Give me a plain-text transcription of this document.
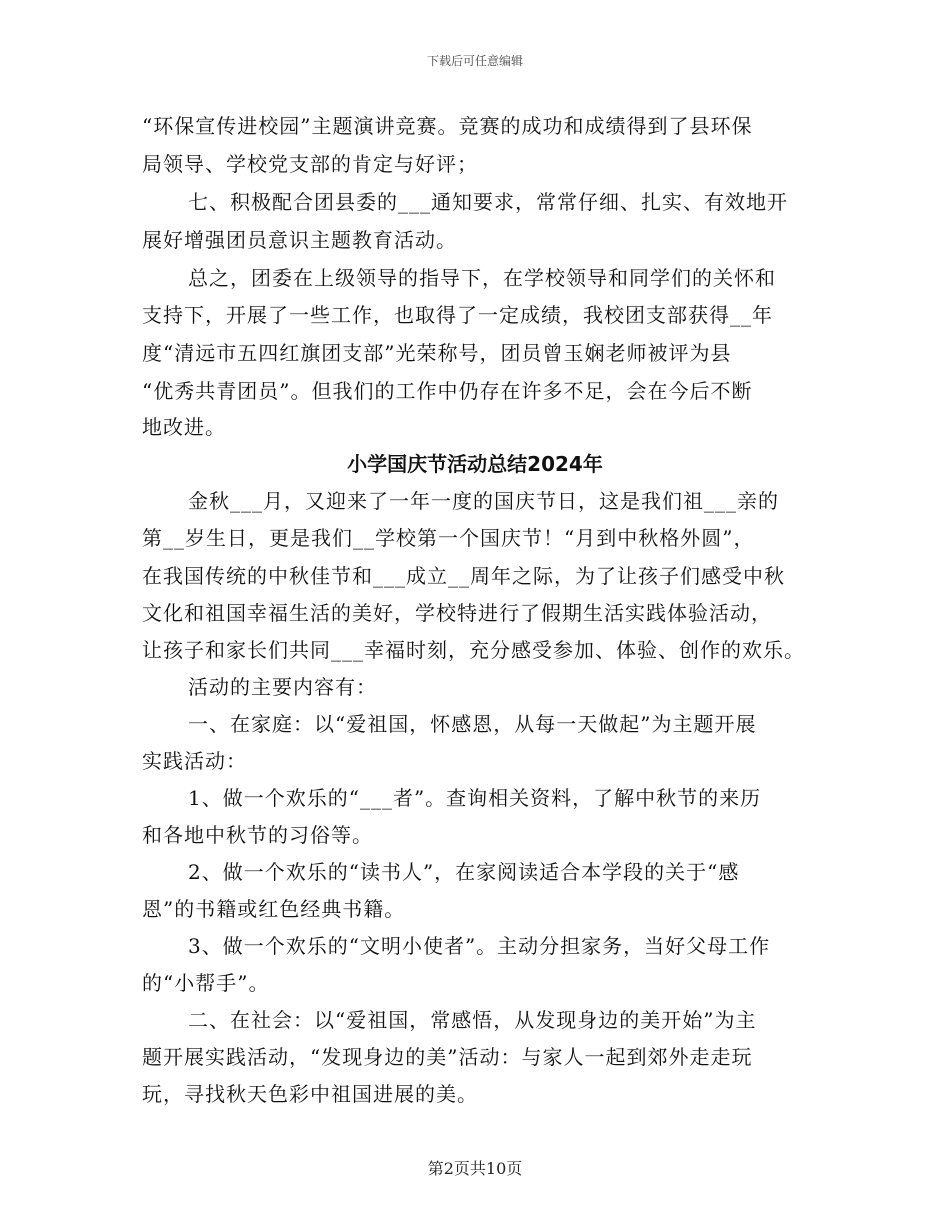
下载后可任意编辑
“环保宣传进校园”主题演讲竞赛。竞赛的成功和成绩得到了县环保
局领导、学校党支部的肯定与好评；
七、积极配合团县委的___通知要求，常常仔细、扎实、有效地开
展好增强团员意识主题教育活动。
总之，团委在上级领导的指导下，在学校领导和同学们的关怀和
支持下，开展了一些工作，也取得了一定成绩，我校团支部获得__年
度“清远市五四红旗团支部”光荣称号，团员曾玉娴老师被评为县
“优秀共青团员”。但我们的工作中仍存在许多不足，会在今后不断
地改进。
小学国庆节活动总结2024年
金秋___月，又迎来了一年一度的国庆节日，这是我们祖___亲的
第__岁生日，更是我们__学校第一个国庆节！“月到中秋格外圆”，
在我国传统的中秋佳节和___成立__周年之际，为了让孩子们感受中秋
文化和祖国幸福生活的美好，学校特进行了假期生活实践体验活动，
让孩子和家长们共同___幸福时刻，充分感受参加、体验、创作的欢乐。
活动的主要内容有：
一、在家庭：以“爱祖国，怀感恩，从每一天做起”为主题开展
实践活动：
1、做一个欢乐的“___者”。查询相关资料，了解中秋节的来历
和各地中秋节的习俗等。
2、做一个欢乐的“读书人”，在家阅读适合本学段的关于“感
恩”的书籍或红色经典书籍。
3、做一个欢乐的“文明小使者”。主动分担家务，当好父母工作
的“小帮手”。
二、在社会：以“爱祖国，常感悟，从发现身边的美开始”为主
题开展实践活动，“发现身边的美”活动：与家人一起到郊外走走玩
玩，寻找秋天色彩中祖国进展的美。
第2页共10页
